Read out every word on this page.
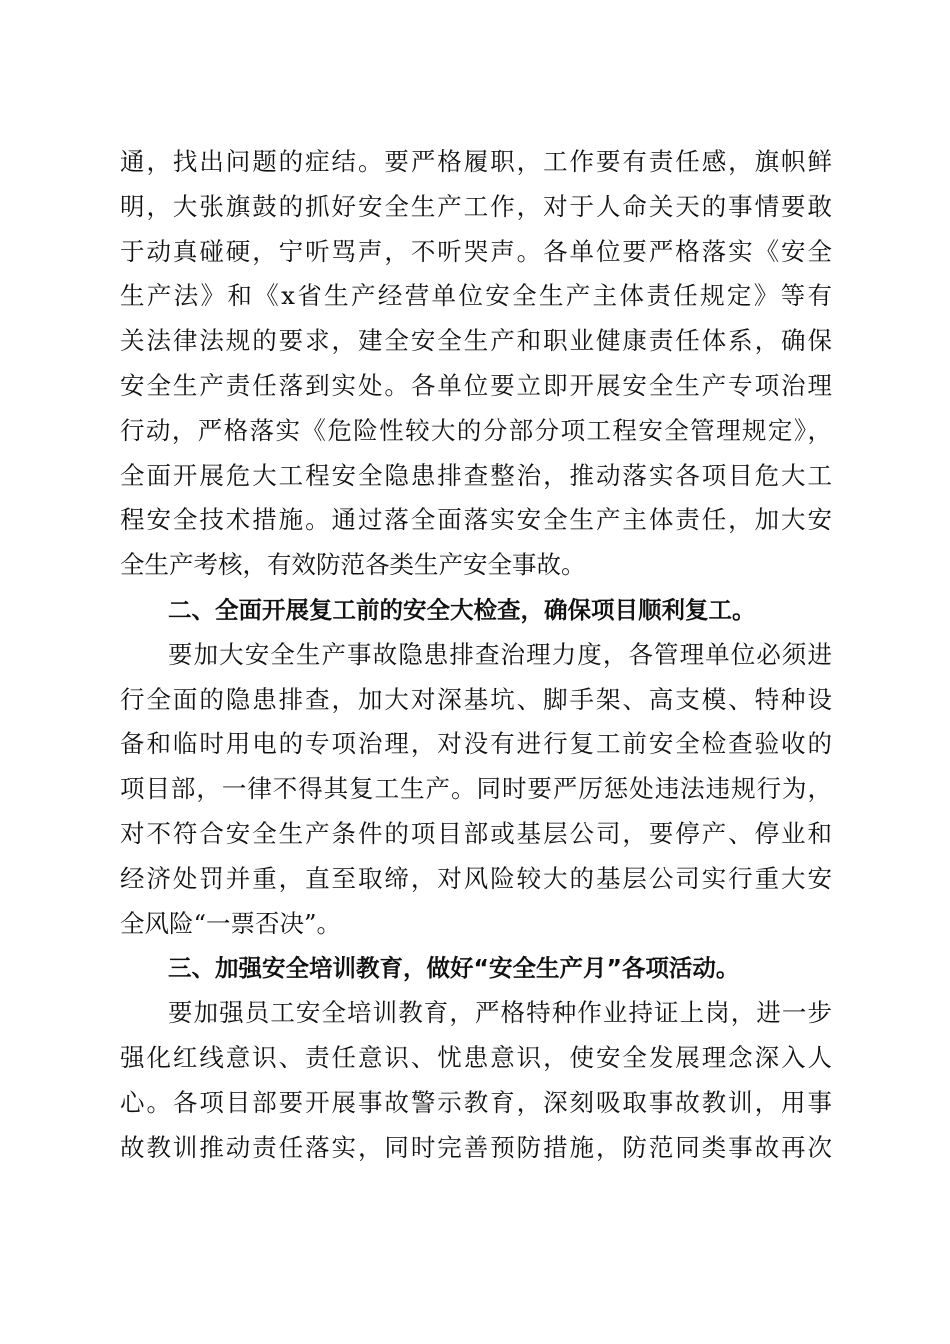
通，找出问题的症结。要严格履职，工作要有责任感，旗帜鲜
明，大张旗鼓的抓好安全生产工作，对于人命关天的事情要敢
于动真碰硬，宁听骂声，不听哭声。各单位要严格落实《安全
生产法》和《x省生产经营单位安全生产主体责任规定》等有
关法律法规的要求，建全安全生产和职业健康责任体系，确保
安全生产责任落到实处。各单位要立即开展安全生产专项治理
行动，严格落实《危险性较大的分部分项工程安全管理规定》，
全面开展危大工程安全隐患排查整治，推动落实各项目危大工
程安全技术措施。通过落全面落实安全生产主体责任，加大安
全生产考核，有效防范各类生产安全事故。
二、全面开展复工前的安全大检查，确保项目顺利复工。
要加大安全生产事故隐患排查治理力度，各管理单位必须进
行全面的隐患排查，加大对深基坑、脚手架、高支模、特种设
备和临时用电的专项治理，对没有进行复工前安全检查验收的
项目部，一律不得其复工生产。同时要严厉惩处违法违规行为，
对不符合安全生产条件的项目部或基层公司，要停产、停业和
经济处罚并重，直至取缔，对风险较大的基层公司实行重大安
全风险“一票否决”。
三、加强安全培训教育，做好“安全生产月”各项活动。
要加强员工安全培训教育，严格特种作业持证上岗，进一步
强化红线意识、责任意识、忧患意识，使安全发展理念深入人
心。各项目部要开展事故警示教育，深刻吸取事故教训，用事
故教训推动责任落实，同时完善预防措施，防范同类事故再次
